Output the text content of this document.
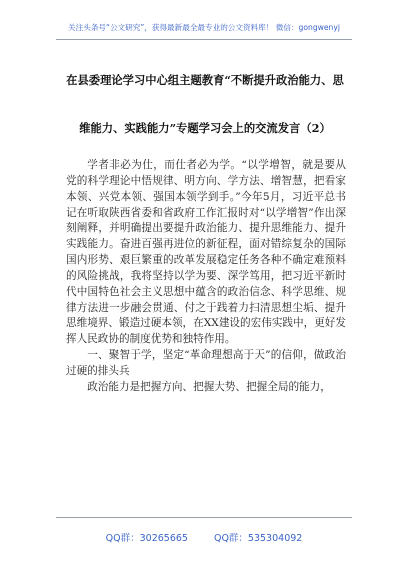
关注头条号“公文研究”，获得最新最全最专业的公文资料库！ 微信：gongwenyj
在县委理论学习中心组主题教育“不断提升政治能力、思
维能力、实践能力”专题学习会上的交流发言（2）

学者非必为仕，而仕者必为学。“以学增智，就是要从党的科学理论中悟规律、明方向、学方法、增智慧，把看家本领、兴党本领、强国本领学到手。”今年5月，习近平总书记在听取陕西省委和省政府工作汇报时对“以学增智”作出深刻阐释，并明确提出要提升政治能力、提升思维能力、提升实践能力。奋进百强再进位的新征程，面对错综复杂的国际国内形势、艰巨繁重的改革发展稳定任务各种不确定难预料的风险挑战，我将坚持以学为要、深学笃用，把习近平新时代中国特色社会主义思想中蕴含的政治信念、科学思维、规律方法进一步融会贯通、付之于践着力扫清思想尘垢、提升思维境界、锻造过硬本领，在XX建设的宏伟实践中，更好发挥人民政协的制度优势和独特作用。

一、聚智于学，坚定“革命理想高于天”的信仰，做政治过硬的排头兵

政治能力是把握方向、把握大势、把握全局的能力，

QQ群：30265665	QQ群：535304092
